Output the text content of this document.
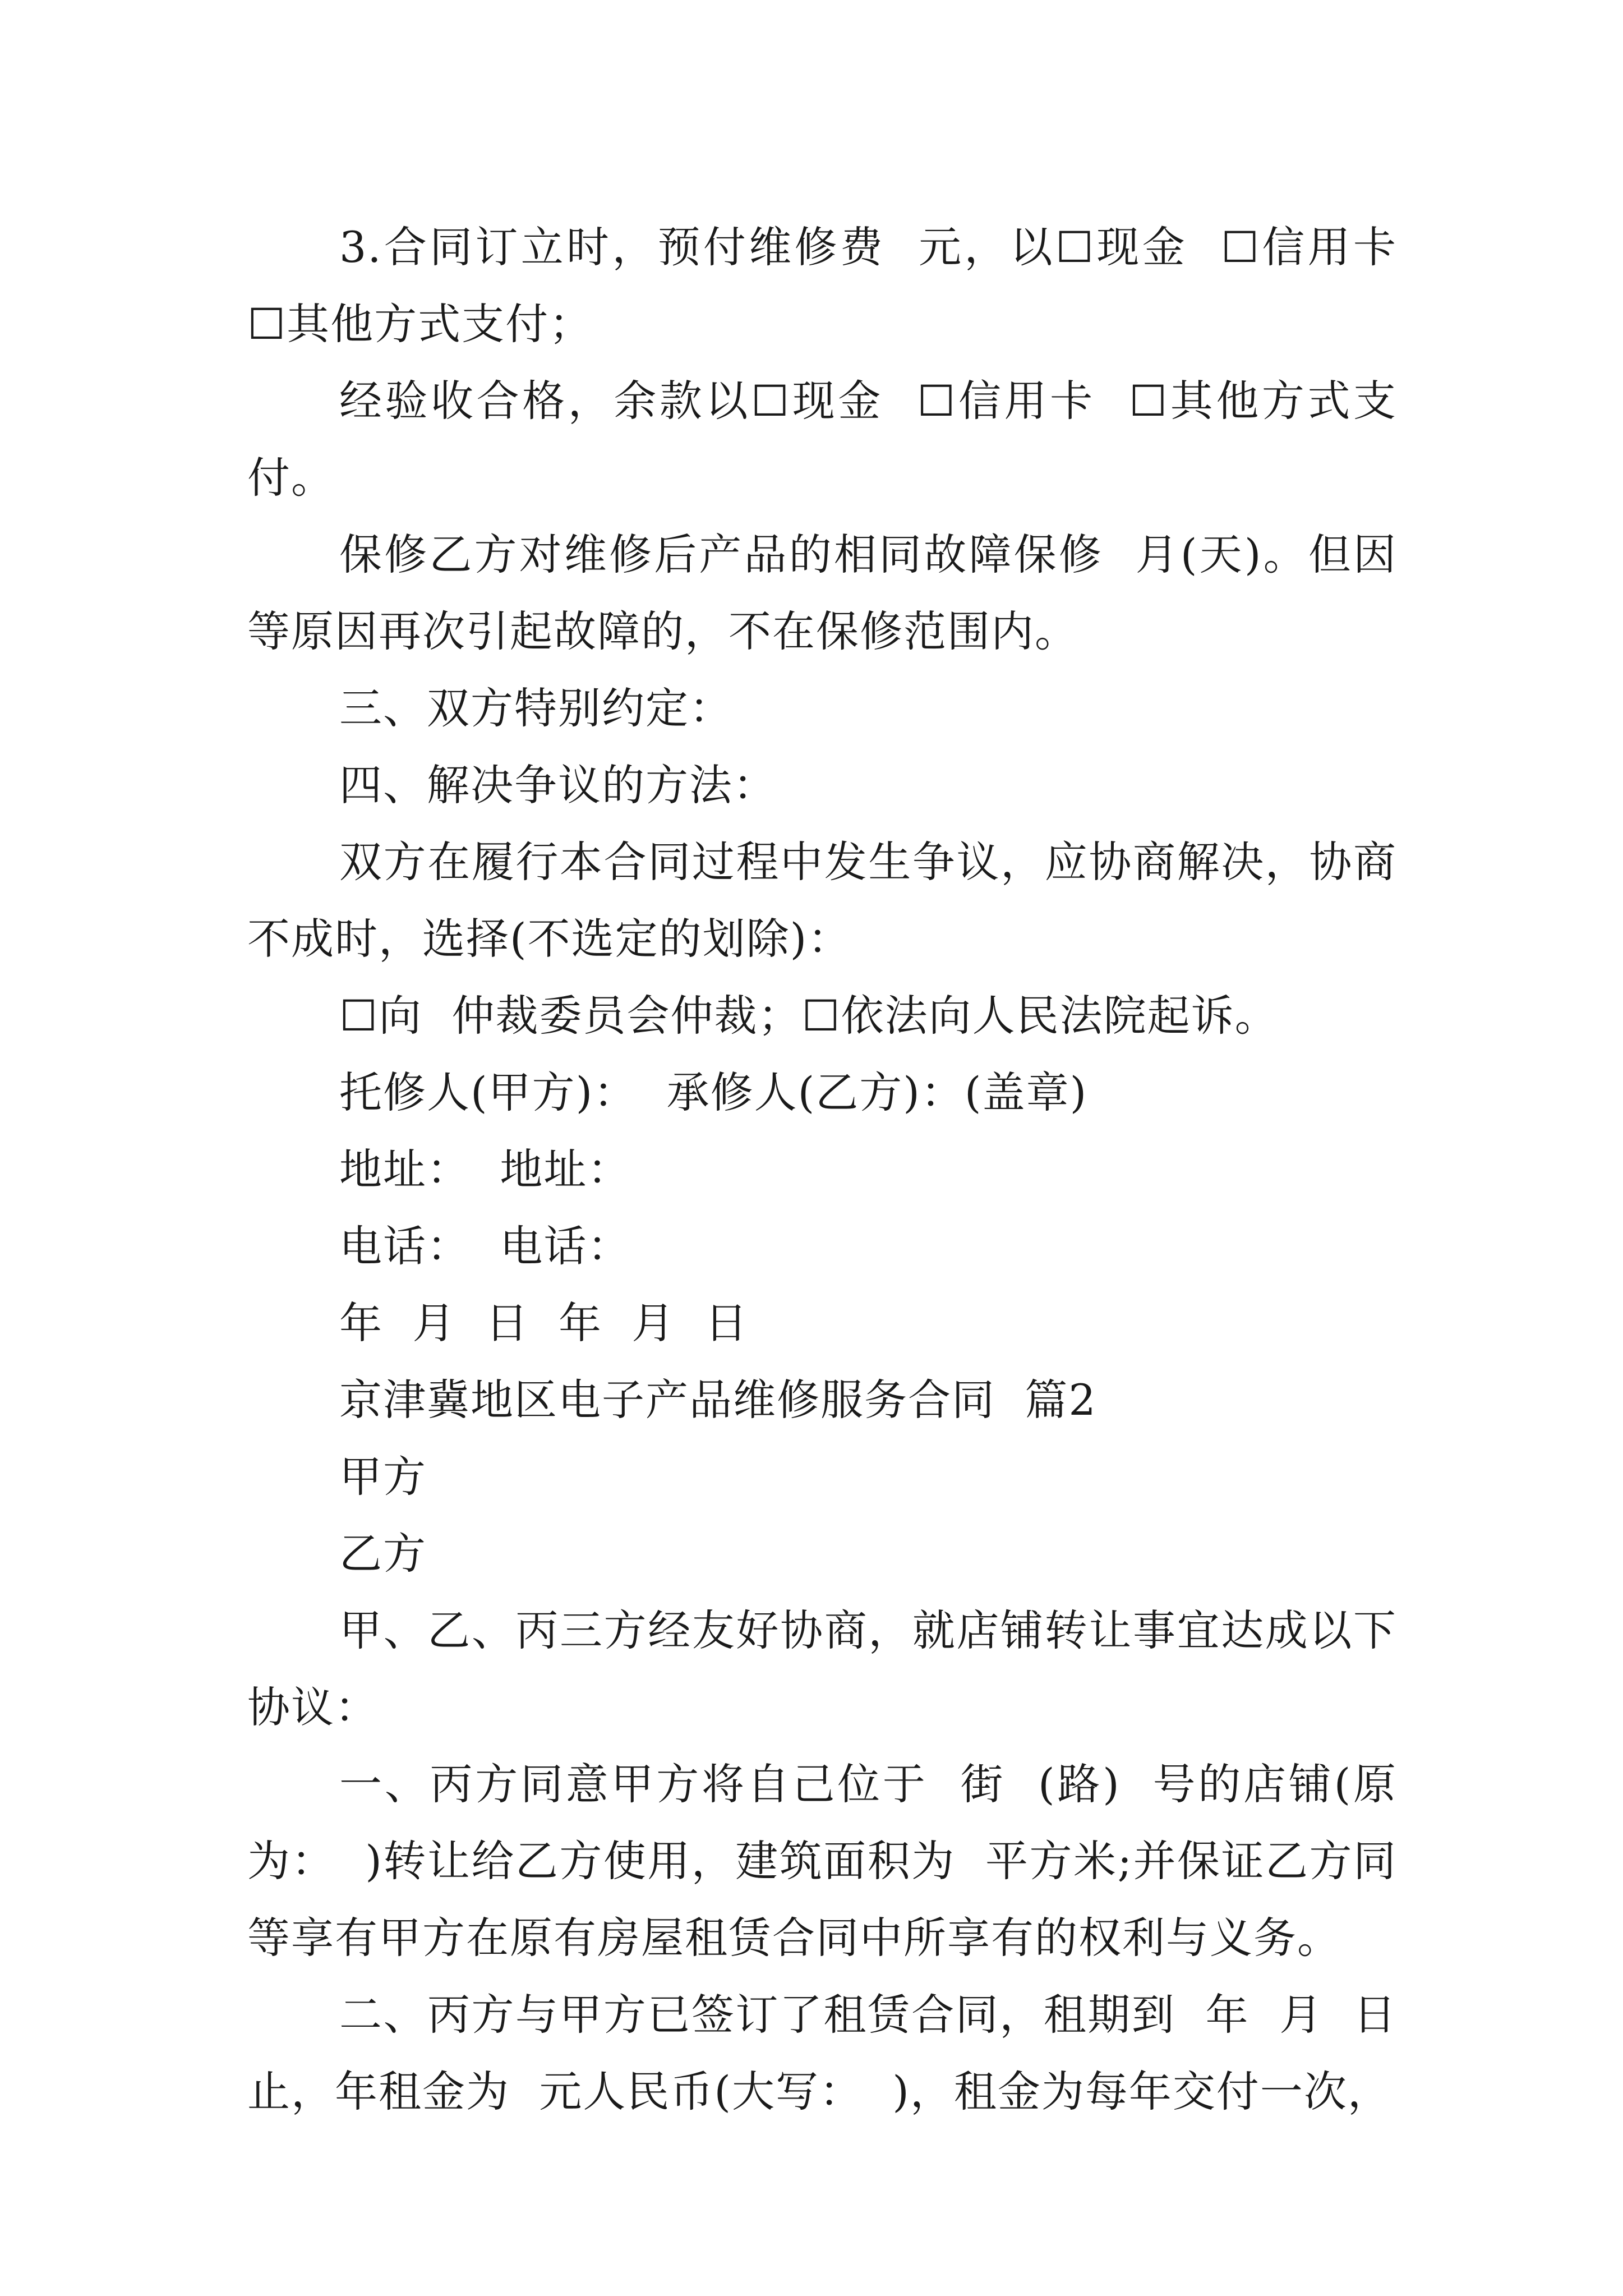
3.合同订立时，预付维修费  元，以☐现金  ☐信用卡  ☐其他方式支付；

经验收合格，余款以☐现金  ☐信用卡  ☐其他方式支付。

保修乙方对维修后产品的相同故障保修  月(天)。但因  等原因再次引起故障的，不在保修范围内。

三、双方特别约定：

四、解决争议的方法：

双方在履行本合同过程中发生争议，应协商解决，协商不成时，选择(不选定的划除)：

☐向  仲裁委员会仲裁；☐依法向人民法院起诉。

托修人(甲方)：  承修人(乙方)：(盖章)

地址：  地址：

电话：  电话：

年  月  日  年  月  日

京津冀地区电子产品维修服务合同  篇2

甲方

乙方

甲、乙、丙三方经友好协商，就店铺转让事宜达成以下协议：

一、丙方同意甲方将自己位于  街  (路)  号的店铺(原为：  )转让给乙方使用，建筑面积为  平方米;并保证乙方同等享有甲方在原有房屋租赁合同中所享有的权利与义务。

二、丙方与甲方已签订了租赁合同，租期到  年  月  日止，年租金为  元人民币(大写：  )，租金为每年交付一次，
